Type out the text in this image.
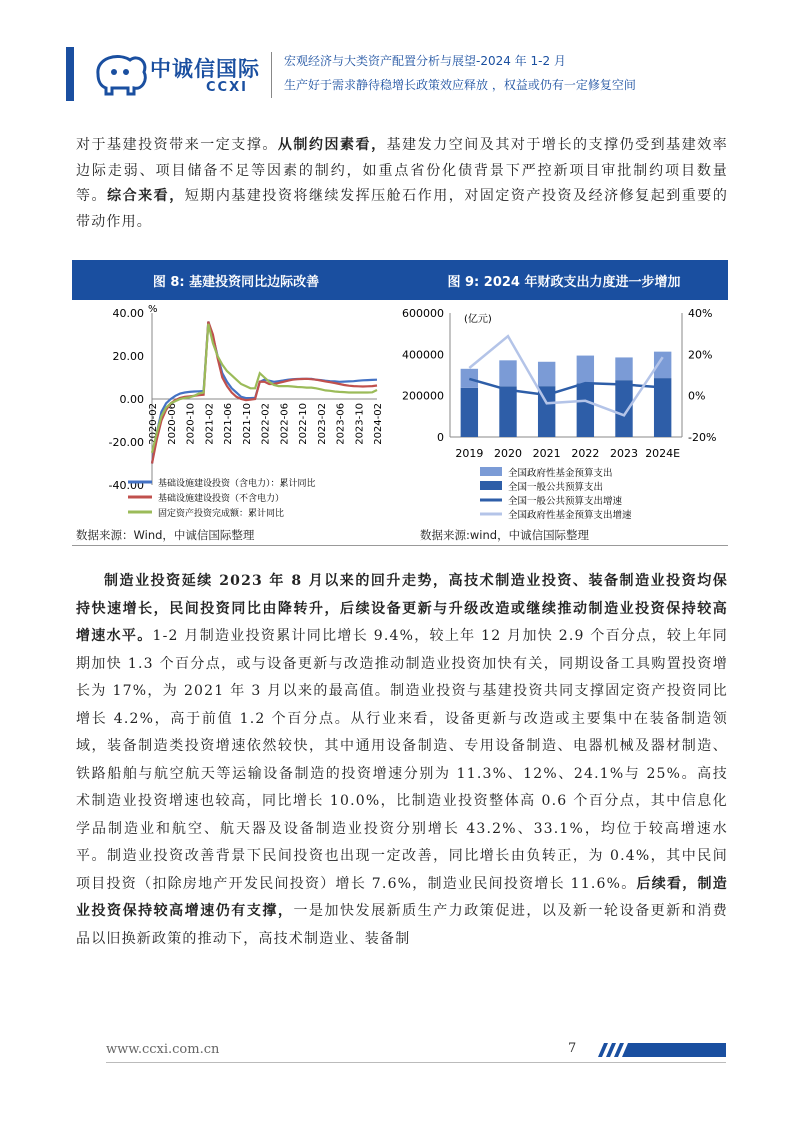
中诚信国际
CCXI
宏观经济与大类资产配置分析与展望-2024 年 1-2 月
生产好于需求静待稳增长政策效应释放 ，权益或仍有一定修复空间
对于基建投资带来一定支撑。从制约因素看，基建发力空间及其对于增长的支撑仍受到基建效率边际走弱、项目储备不足等因素的制约，如重点省份化债背景下严控新项目审批制约项目数量等。综合来看，短期内基建投资将继续发挥压舱石作用，对固定资产投资及经济修复起到重要的带动作用。
图 8: 基建投资同比边际改善
%
40.00
20.00
0.00
-20.00
-40.00
2020-02 2020-06 2020-10 2021-02 2021-06 2021-10 2022-02 2022-06 2022-10 2023-02 2023-06 2023-10 2024-02
基础设施建设投资（含电力）：累计同比
基础设施建设投资（不含电力）
固定资产投资完成额：累计同比
数据来源：Wind，中诚信国际整理
图 9: 2024 年财政支出力度进一步增加
(亿元)
600000
400000
200000
0
40%
20%
0%
-20%
2019 2020 2021 2022 2023 2024E
全国政府性基金预算支出
全国一般公共预算支出
全国一般公共预算支出增速
全国政府性基金预算支出增速
数据来源:wind，中诚信国际整理
制造业投资延续 2023 年 8 月以来的回升走势，高技术制造业投资、装备制造业投资均保持快速增长，民间投资同比由降转升，后续设备更新与升级改造或继续推动制造业投资保持较高增速水平。1-2 月制造业投资累计同比增长 9.4%，较上年 12 月加快 2.9 个百分点，较上年同期加快 1.3 个百分点，或与设备更新与改造推动制造业投资加快有关，同期设备工具购置投资增长为 17%，为 2021 年 3 月以来的最高值。制造业投资与基建投资共同支撑固定资产投资同比增长 4.2%，高于前值 1.2 个百分点。从行业来看，设备更新与改造或主要集中在装备制造领域，装备制造类投资增速依然较快，其中通用设备制造、专用设备制造、电器机械及器材制造、铁路船舶与航空航天等运输设备制造的投资增速分别为 11.3%、12%、24.1%与 25%。高技术制造业投资增速也较高，同比增长 10.0%，比制造业投资整体高 0.6 个百分点，其中信息化学品制造业和航空、航天器及设备制造业投资分别增长 43.2%、33.1%，均位于较高增速水平。制造业投资改善背景下民间投资也出现一定改善，同比增长由负转正，为 0.4%，其中民间项目投资（扣除房地产开发民间投资）增长 7.6%，制造业民间投资增长 11.6%。后续看，制造业投资保持较高增速仍有支撑，一是加快发展新质生产力政策促进，以及新一轮设备更新和消费品以旧换新政策的推动下，高技术制造业、装备制
www.ccxi.com.cn	7
